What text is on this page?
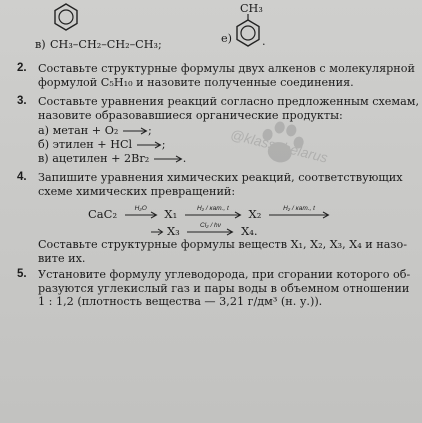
CH₃
в) CH₃–CH₂–CH₂–CH₃;	е)	.
2. Составьте структурные формулы двух алкенов с молекулярной
формулой C₅H₁₀ и назовите полученные соединения.
3. Составьте уравнения реакций согласно предложенным схемам,
назовите образовавшиеся органические продукты:
а) метан + O₂ →;
б) этилен + HCl →;
в) ацетилен + 2Br₂ →.	@klass_belarus
4. Запишите уравнения химических реакций, соответствующих
схеме химических превращений:
CaC₂	H₂O	X₁	H₂ / кат., t	X₂	H₂ / кат., t
X₃	Cl₂ / hν	X₄.
Составьте структурные формулы веществ X₁, X₂, X₃, X₄ и назо-
вите их.
5. Установите формулу углеводорода, при сгорании которого об-
разуются углекислый газ и пары воды в объемном отношении
1 : 1,2 (плотность вещества — 3,21 г/дм³ (н. у.)).
